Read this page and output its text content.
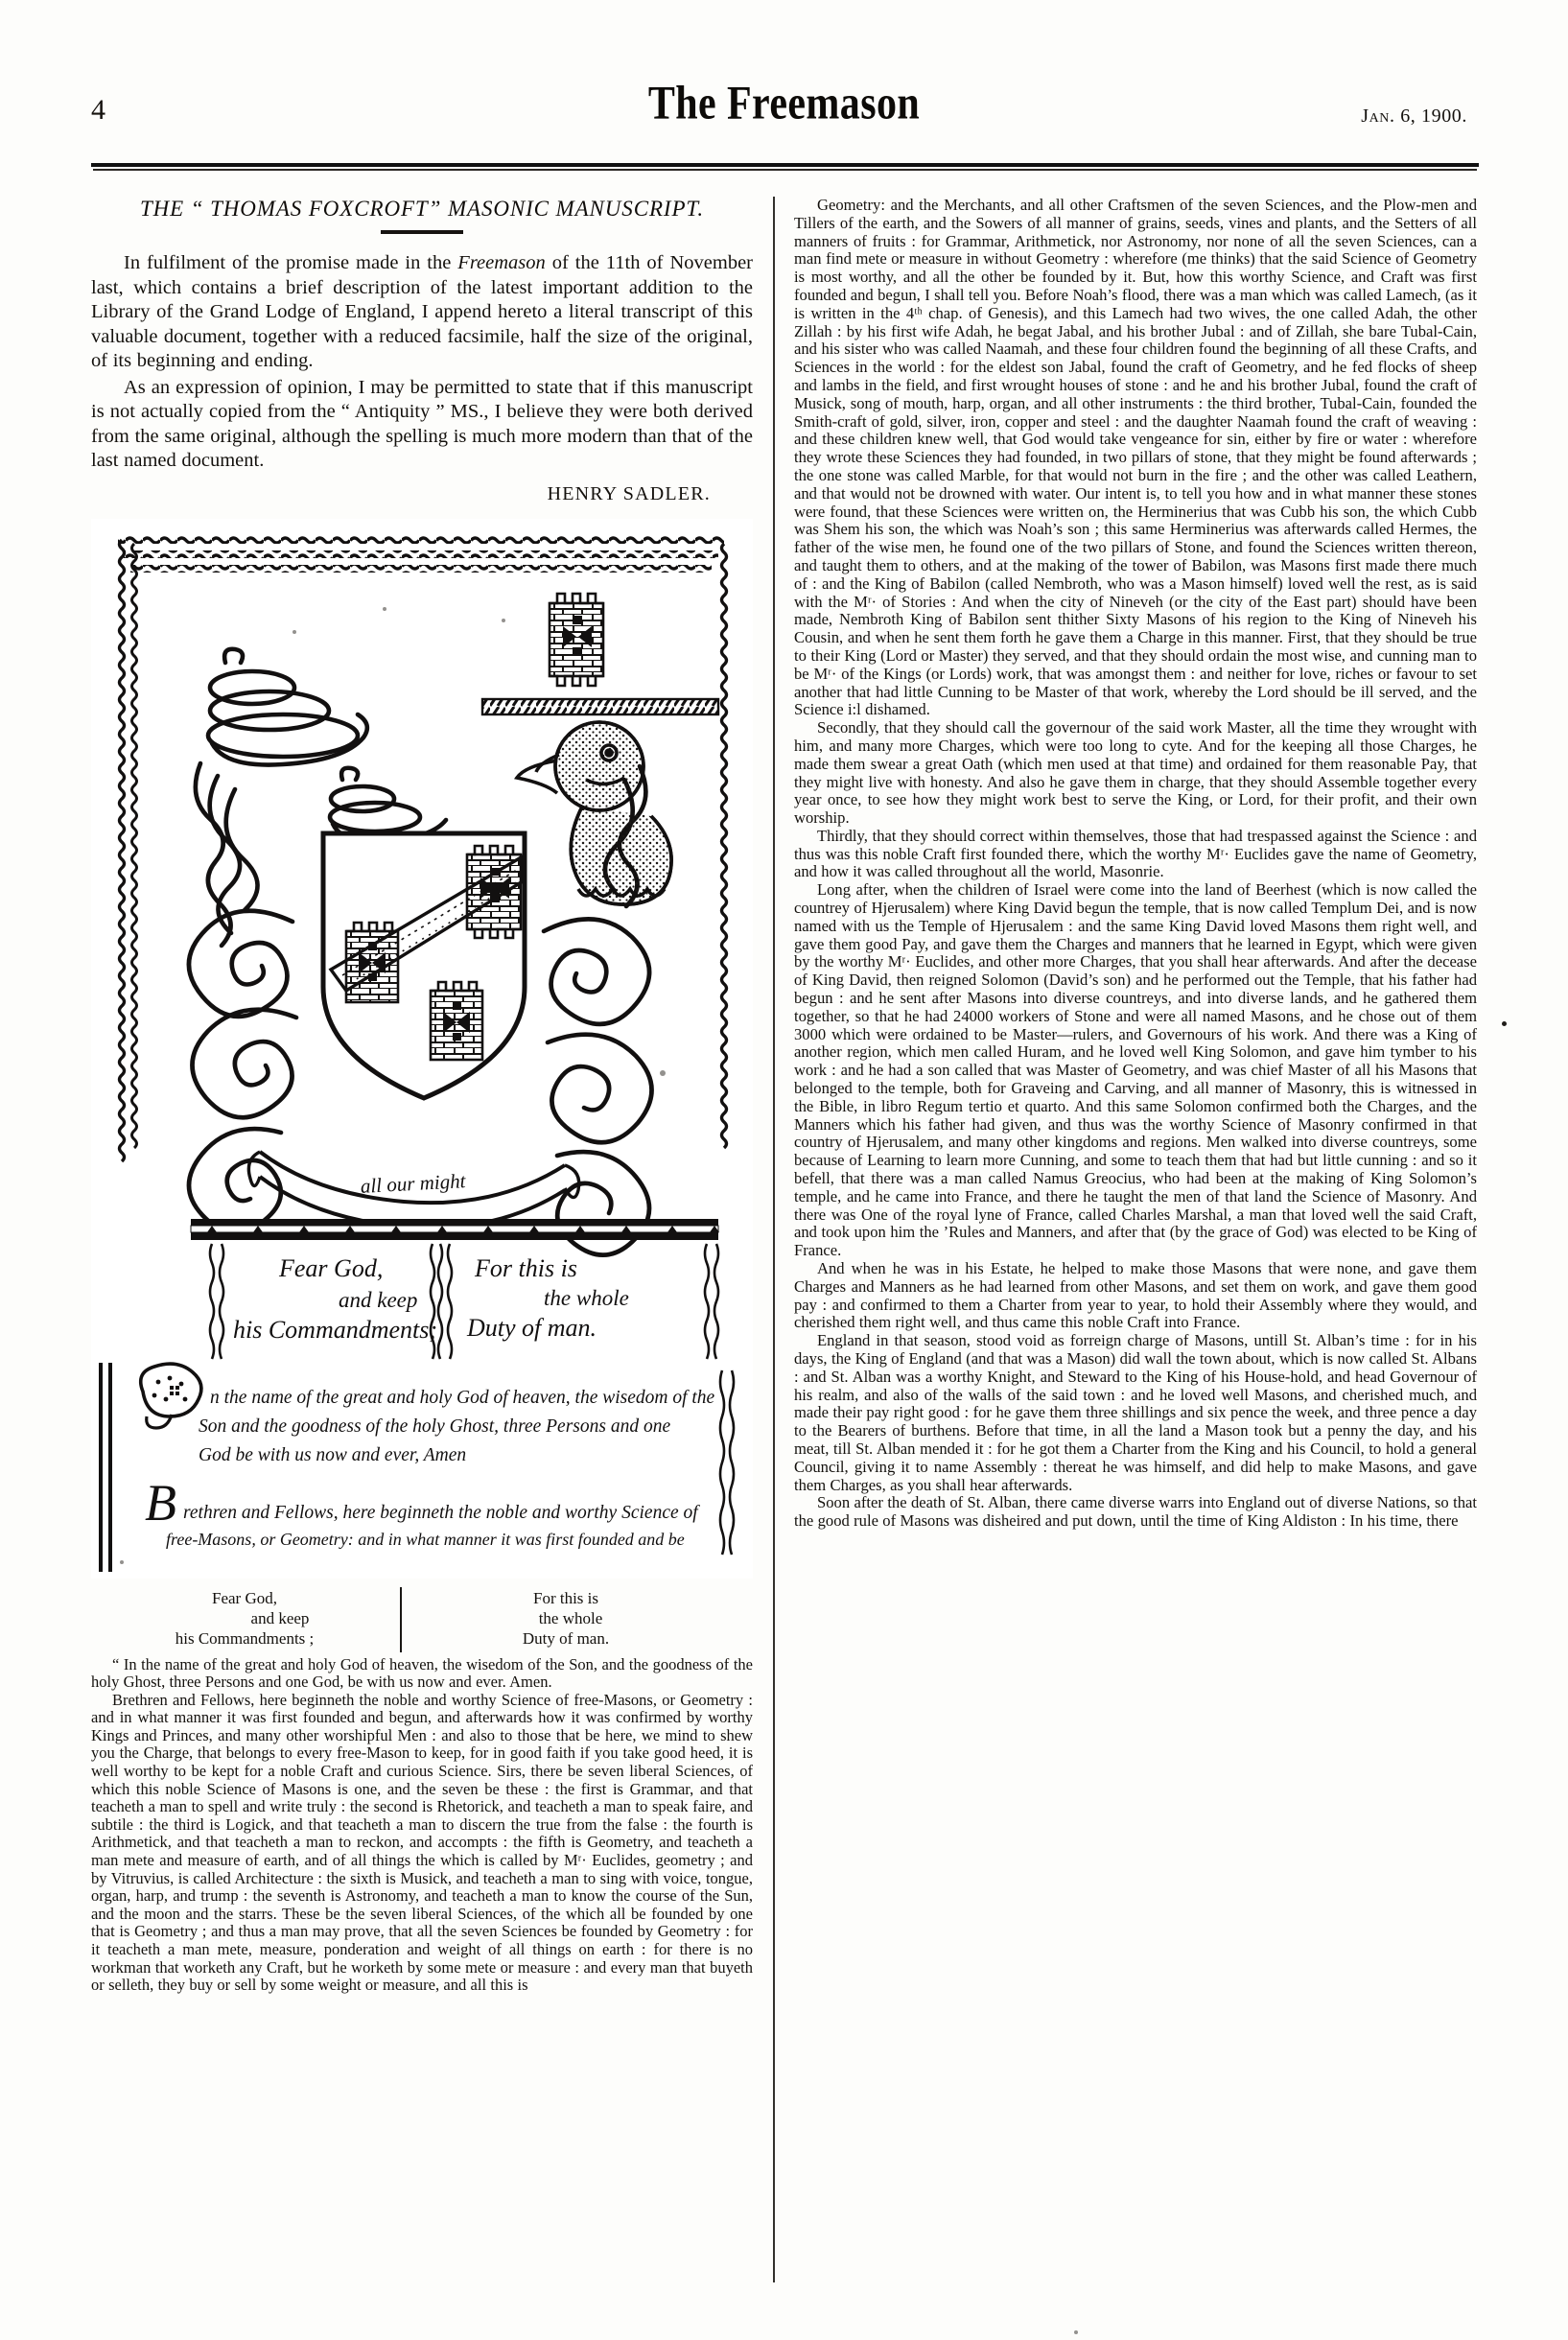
4	The Freemason	Jan. 6, 1900.
THE “ THOMAS FOXCROFT” MASONIC MANUSCRIPT.

In fulfilment of the promise made in the Freemason of the 11th of November last, which contains a brief description of the latest important addition to the Library of the Grand Lodge of England, I append hereto a literal transcript of this valuable document, together with a reduced facsimile, half the size of the original, of its beginning and ending.

As an expression of opinion, I may be permitted to state that if this manuscript is not actually copied from the “ Antiquity ” MS., I believe they were both derived from the same original, although the spelling is much more modern than that of the last named document.

HENRY SADLER.
all our might
Fear God,
and keep
his Commandments;
For this is
the whole
Duty of man.
n the name of the great and holy God of heaven, the wisedom of the
Son and the goodness of the holy Ghost, three Persons and one
God be with us now and ever, Amen
B rethren and Fellows, here beginneth the noble and worthy Science of
free-Masons, or Geometry: and in what manner it was first founded and be
Fear God,
and keep
his Commandments ;
For this is
the whole
Duty of man.

“ In the name of the great and holy God of heaven, the wisedom of the Son, and the goodness of the holy Ghost, three Persons and one God, be with us now and ever. Amen.

Brethren and Fellows, here beginneth the noble and worthy Science of free-Masons, or Geometry : and in what manner it was first founded and begun, and afterwards how it was confirmed by worthy Kings and Princes, and many other worshipful Men : and also to those that be here, we mind to shew you the Charge, that belongs to every free-Mason to keep, for in good faith if you take good heed, it is well worthy to be kept for a noble Craft and curious Science. Sirs, there be seven liberal Sciences, of which this noble Science of Masons is one, and the seven be these : the first is Grammar, and that teacheth a man to spell and write truly : the second is Rhetorick, and teacheth a man to speak faire, and subtile : the third is Logick, and that teacheth a man to discern the true from the false : the fourth is Arithmetick, and that teacheth a man to reckon, and accompts : the fifth is Geometry, and teacheth a man mete and measure of earth, and of all things the which is called by Mʳ· Euclides, geometry ; and by Vitruvius, is called Architecture : the sixth is Musick, and teacheth a man to sing with voice, tongue, organ, harp, and trump : the seventh is Astronomy, and teacheth a man to know the course of the Sun, and the moon and the starrs. These be the seven liberal Sciences, of the which all be founded by one that is Geometry ; and thus a man may prove, that all the seven Sciences be founded by Geometry : for it teacheth a man mete, measure, ponderation and weight of all things on earth : for there is no workman that worketh any Craft, but he worketh by some mete or measure : and every man that buyeth or selleth, they buy or sell by some weight or measure, and all this is

Geometry: and the Merchants, and all other Craftsmen of the seven Sciences, and the Plow-men and Tillers of the earth, and the Sowers of all manner of grains, seeds, vines and plants, and the Setters of all manners of fruits : for Grammar, Arithmetick, nor Astronomy, nor none of all the seven Sciences, can a man find mete or measure in without Geometry : wherefore (me thinks) that the said Science of Geometry is most worthy, and all the other be founded by it. But, how this worthy Science, and Craft was first founded and begun, I shall tell you. Before Noah’s flood, there was a man which was called Lamech, (as it is written in the 4ᵗʰ chap. of Genesis), and this Lamech had two wives, the one called Adah, the other Zillah : by his first wife Adah, he begat Jabal, and his brother Jubal : and of Zillah, she bare Tubal-Cain, and his sister who was called Naamah, and these four children found the beginning of all these Crafts, and Sciences in the world : for the eldest son Jabal, found the craft of Geometry, and he fed flocks of sheep and lambs in the field, and first wrought houses of stone : and he and his brother Jubal, found the craft of Musick, song of mouth, harp, organ, and all other instruments : the third brother, Tubal-Cain, founded the Smith-craft of gold, silver, iron, copper and steel : and the daughter Naamah found the craft of weaving : and these children knew well, that God would take vengeance for sin, either by fire or water : wherefore they wrote these Sciences they had founded, in two pillars of stone, that they might be found afterwards ; the one stone was called Marble, for that would not burn in the fire ; and the other was called Leathern, and that would not be drowned with water. Our intent is, to tell you how and in what manner these stones were found, that these Sciences were written on, the Herminerius that was Cubb his son, the which Cubb was Shem his son, the which was Noah’s son ; this same Herminerius was afterwards called Hermes, the father of the wise men, he found one of the two pillars of Stone, and found the Sciences written thereon, and taught them to others, and at the making of the tower of Babilon, was Masons first made there much of : and the King of Babilon (called Nembroth, who was a Mason himself) loved well the rest, as is said with the Mʳ· of Stories : And when the city of Nineveh (or the city of the East part) should have been made, Nembroth King of Babilon sent thither Sixty Masons of his region to the King of Nineveh his Cousin, and when he sent them forth he gave them a Charge in this manner. First, that they should be true to their King (Lord or Master) they served, and that they should ordain the most wise, and cunning man to be Mʳ· of the Kings (or Lords) work, that was amongst them : and neither for love, riches or favour to set another that had little Cunning to be Master of that work, whereby the Lord should be ill served, and the Science i:l dishamed.

Secondly, that they should call the governour of the said work Master, all the time they wrought with him, and many more Charges, which were too long to cyte. And for the keeping all those Charges, he made them swear a great Oath (which men used at that time) and ordained for them reasonable Pay, that they might live with honesty. And also he gave them in charge, that they should Assemble together every year once, to see how they might work best to serve the King, or Lord, for their profit, and their own worship.

Thirdly, that they should correct within themselves, those that had trespassed against the Science : and thus was this noble Craft first founded there, which the worthy Mʳ· Euclides gave the name of Geometry, and how it was called throughout all the world, Masonrie.

Long after, when the children of Israel were come into the land of Beerhest (which is now called the countrey of Hjerusalem) where King David begun the temple, that is now called Templum Dei, and is now named with us the Temple of Hjerusalem : and the same King David loved Masons them right well, and gave them good Pay, and gave them the Charges and manners that he learned in Egypt, which were given by the worthy Mʳ· Euclides, and other more Charges, that you shall hear afterwards. And after the decease of King David, then reigned Solomon (David’s son) and he performed out the Temple, that his father had begun : and he sent after Masons into diverse countreys, and into diverse lands, and he gathered them together, so that he had 24000 workers of Stone and were all named Masons, and he chose out of them 3000 which were ordained to be Master—rulers, and Governours of his work. And there was a King of another region, which men called Huram, and he loved well King Solomon, and gave him tymber to his work : and he had a son called that was Master of Geometry, and was chief Master of all his Masons that belonged to the temple, both for Graveing and Carving, and all manner of Masonry, this is witnessed in the Bible, in libro Regum tertio et quarto. And this same Solomon confirmed both the Charges, and the Manners which his father had given, and thus was the worthy Science of Masonry confirmed in that country of Hjerusalem, and many other kingdoms and regions. Men walked into diverse countreys, some because of Learning to learn more Cunning, and some to teach them that had but little cunning : and so it befell, that there was a man called Namus Greocius, who had been at the making of King Solomon’s temple, and he came into France, and there he taught the men of that land the Science of Masonry. And there was One of the royal lyne of France, called Charles Marshal, a man that loved well the said Craft, and took upon him the ’Rules and Manners, and after that (by the grace of God) was elected to be King of France.

And when he was in his Estate, he helped to make those Masons that were none, and gave them Charges and Manners as he had learned from other Masons, and set them on work, and gave them good pay : and confirmed to them a Charter from year to year, to hold their Assembly where they would, and cherished them right well, and thus came this noble Craft into France.

England in that season, stood void as forreign charge of Masons, untill St. Alban’s time : for in his days, the King of England (and that was a Mason) did wall the town about, which is now called St. Albans : and St. Alban was a worthy Knight, and Steward to the King of his House-hold, and head Governour of his realm, and also of the walls of the said town : and he loved well Masons, and cherished much, and made their pay right good : for he gave them three shillings and six pence the week, and three pence a day to the Bearers of burthens. Before that time, in all the land a Mason took but a penny the day, and his meat, till St. Alban mended it : for he got them a Charter from the King and his Council, to hold a general Council, giving it to name Assembly : thereat he was himself, and did help to make Masons, and gave them Charges, as you shall hear afterwards.

Soon after the death of St. Alban, there came diverse warrs into England out of diverse Nations, so that the good rule of Masons was disheired and put down, until the time of King Aldiston : In his time, there
